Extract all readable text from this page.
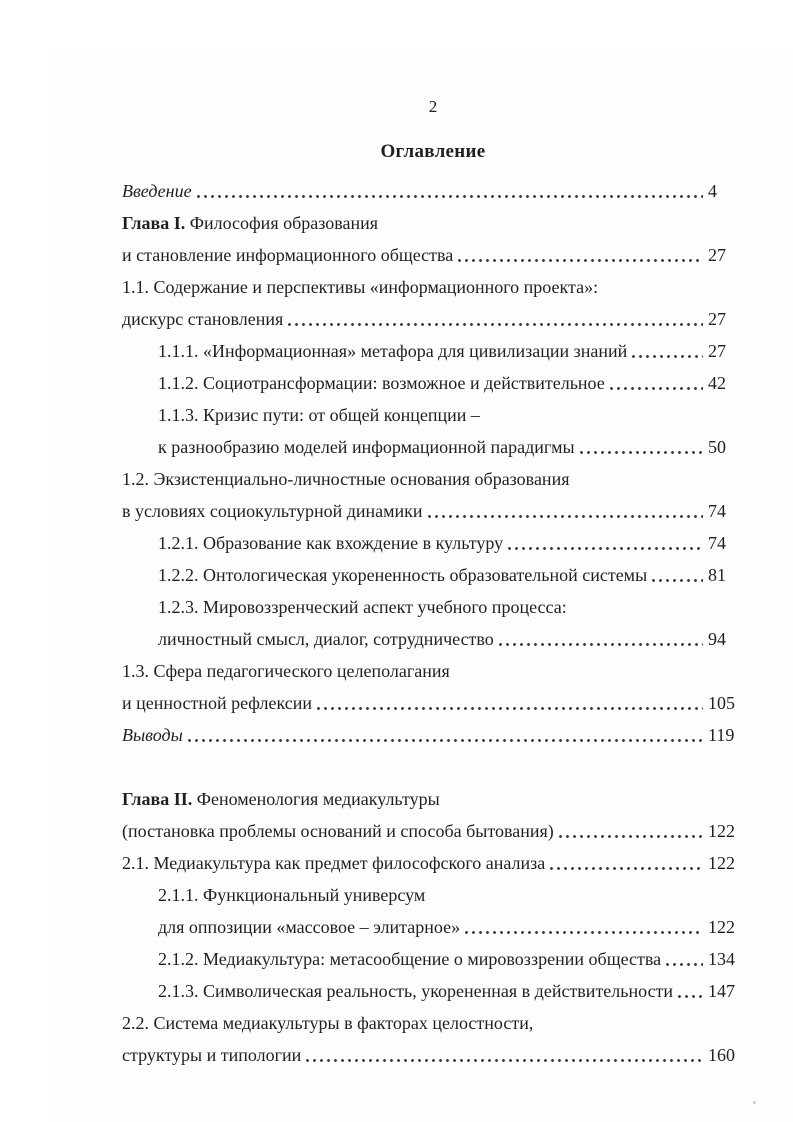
2
Оглавление
Введение	4
Глава I. Философия образования
и становление информационного общества	27
1.1. Содержание и перспективы «информационного проекта»:
дискурс становления	27
1.1.1. «Информационная» метафора для цивилизации знаний	27
1.1.2. Социотрансформации: возможное и действительное	42
1.1.3. Кризис пути: от общей концепции –
к разнообразию моделей информационной парадигмы	50
1.2. Экзистенциально-личностные основания образования
в условиях социокультурной динамики	74
1.2.1. Образование как вхождение в культуру	74
1.2.2. Онтологическая укорененность образовательной системы	81
1.2.3. Мировоззренческий аспект учебного процесса:
личностный смысл, диалог, сотрудничество	94
1.3. Сфера педагогического целеполагания
и ценностной рефлексии	105
Выводы	119
Глава II. Феноменология медиакультуры
(постановка проблемы оснований и способа бытования)	122
2.1. Медиакультура как предмет философского анализа	122
2.1.1. Функциональный универсум
для оппозиции «массовое – элитарное»	122
2.1.2. Медиакультура: метасообщение о мировоззрении общества	134
2.1.3. Символическая реальность, укорененная в действительности 147
2.2. Система медиакультуры в факторах целостности,
структуры и типологии	160
